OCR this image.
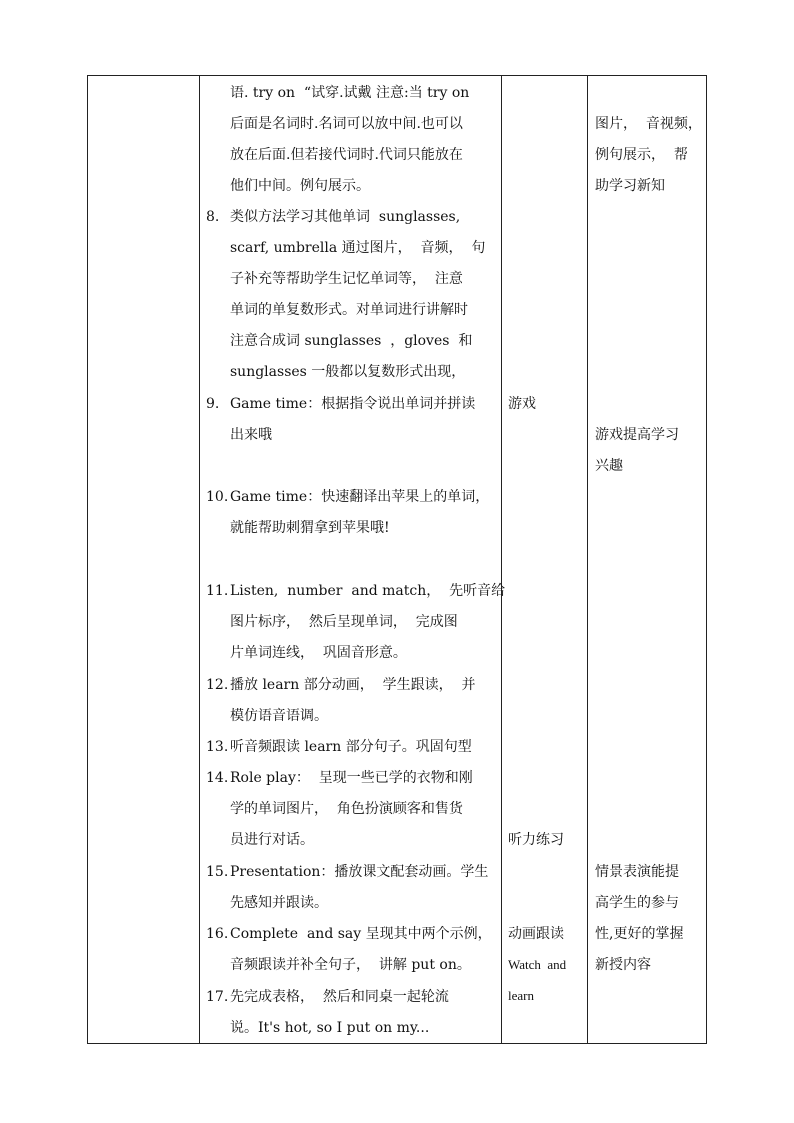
语. try on  “试穿.试戴 注意:当 try on
后面是名词时.名词可以放中间.也可以
放在后面.但若接代词时.代词只能放在
他们中间。例句展示。
8. 类似方法学习其他单词  sunglasses,
scarf, umbrella 通过图片，  音频，  句
子补充等帮助学生记忆单词等，  注意
单词的单复数形式。对单词进行讲解时
注意合成词 sunglasses  ，gloves  和
sunglasses 一般都以复数形式出现，
9. Game time：根据指令说出单词并拼读
出来哦
10. Game time：快速翻译出苹果上的单词，
就能帮助刺猬拿到苹果哦!
11. Listen,  number  and match，  先听音给
图片标序，  然后呈现单词，  完成图
片单词连线，  巩固音形意。
12. 播放 learn 部分动画，  学生跟读，  并
模仿语音语调。
13. 听音频跟读 learn 部分句子。巩固句型
14. Role play：  呈现一些已学的衣物和刚
学的单词图片，  角色扮演顾客和售货
员进行对话。
15. Presentation：播放课文配套动画。学生
先感知并跟读。
16. Complete  and say 呈现其中两个示例，
音频跟读并补全句子，  讲解 put on。
17. 先完成表格，  然后和同桌一起轮流
说。It's hot, so I put on my...
游戏
听力练习
动画跟读
Watch  and
learn
图片，  音视频，
例句展示，  帮
助学习新知
游戏提高学习
兴趣
情景表演能提
高学生的参与
性,更好的掌握
新授内容
